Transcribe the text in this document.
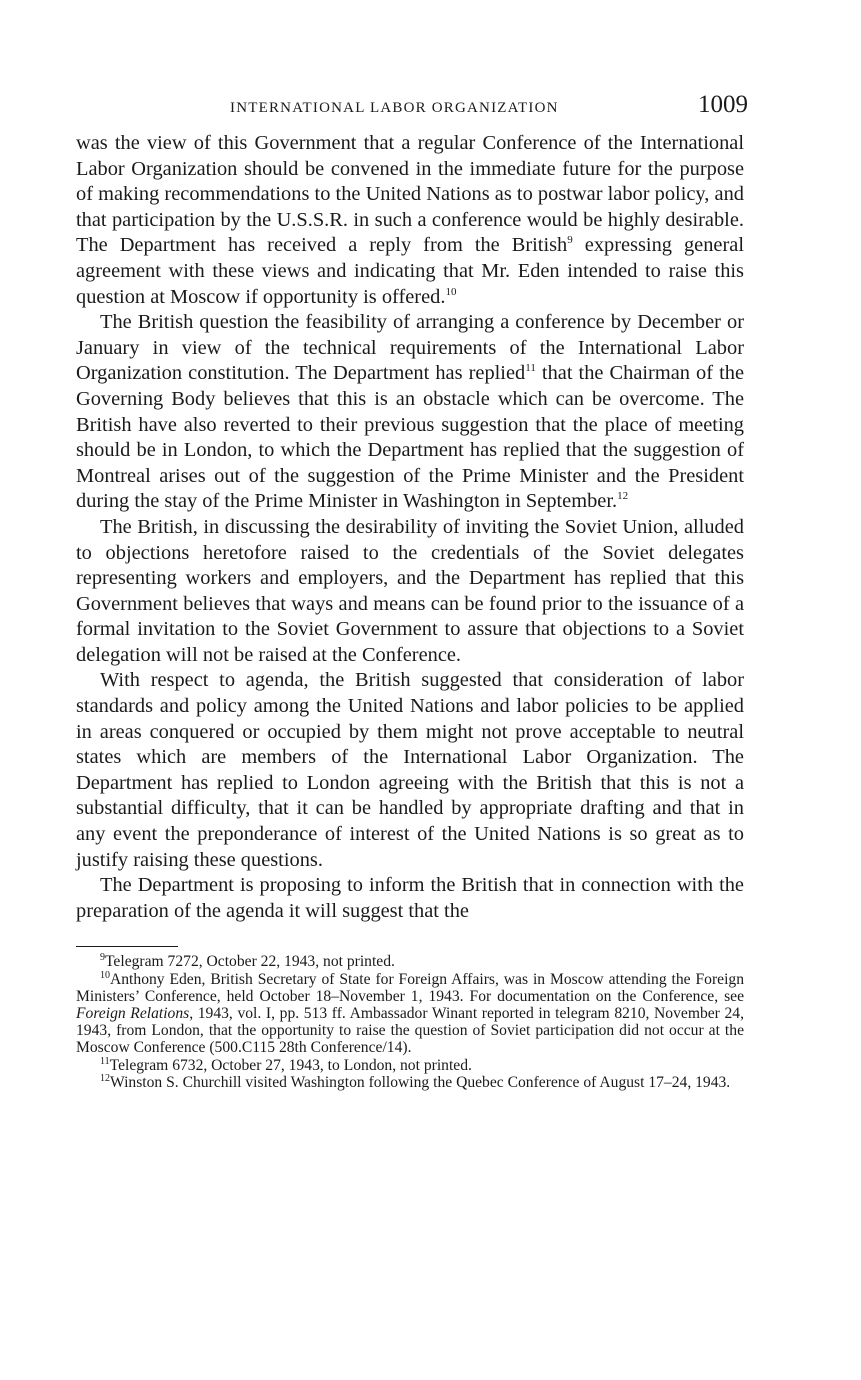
INTERNATIONAL LABOR ORGANIZATION	1009

was the view of this Government that a regular Conference of the International Labor Organization should be convened in the immediate future for the purpose of making recommendations to the United Nations as to postwar labor policy, and that participation by the U.S.S.R. in such a conference would be highly desirable. The Department has received a reply from the British$^9$ expressing general agreement with these views and indicating that Mr. Eden intended to raise this question at Moscow if opportunity is offered.$^{10}$

The British question the feasibility of arranging a conference by December or January in view of the technical requirements of the International Labor Organization constitution. The Department has replied$^{11}$ that the Chairman of the Governing Body believes that this is an obstacle which can be overcome. The British have also reverted to their previous suggestion that the place of meeting should be in London, to which the Department has replied that the suggestion of Montreal arises out of the suggestion of the Prime Minister and the President during the stay of the Prime Minister in Washington in September.$^{12}$

The British, in discussing the desirability of inviting the Soviet Union, alluded to objections heretofore raised to the credentials of the Soviet delegates representing workers and employers, and the Department has replied that this Government believes that ways and means can be found prior to the issuance of a formal invitation to the Soviet Government to assure that objections to a Soviet delegation will not be raised at the Conference.

With respect to agenda, the British suggested that consideration of labor standards and policy among the United Nations and labor policies to be applied in areas conquered or occupied by them might not prove acceptable to neutral states which are members of the International Labor Organization. The Department has replied to London agreeing with the British that this is not a substantial difficulty, that it can be handled by appropriate drafting and that in any event the preponderance of interest of the United Nations is so great as to justify raising these questions.

The Department is proposing to inform the British that in connection with the preparation of the agenda it will suggest that the

$^9$Telegram 7272, October 22, 1943, not printed.

$^{10}$Anthony Eden, British Secretary of State for Foreign Affairs, was in Moscow attending the Foreign Ministers’ Conference, held October 18–November 1, 1943. For documentation on the Conference, see Foreign Relations, 1943, vol. I, pp. 513 ff. Ambassador Winant reported in telegram 8210, November 24, 1943, from London, that the opportunity to raise the question of Soviet participation did not occur at the Moscow Conference (500.C115 28th Conference/14).

$^{11}$Telegram 6732, October 27, 1943, to London, not printed.

$^{12}$Winston S. Churchill visited Washington following the Quebec Conference of August 17–24, 1943.
